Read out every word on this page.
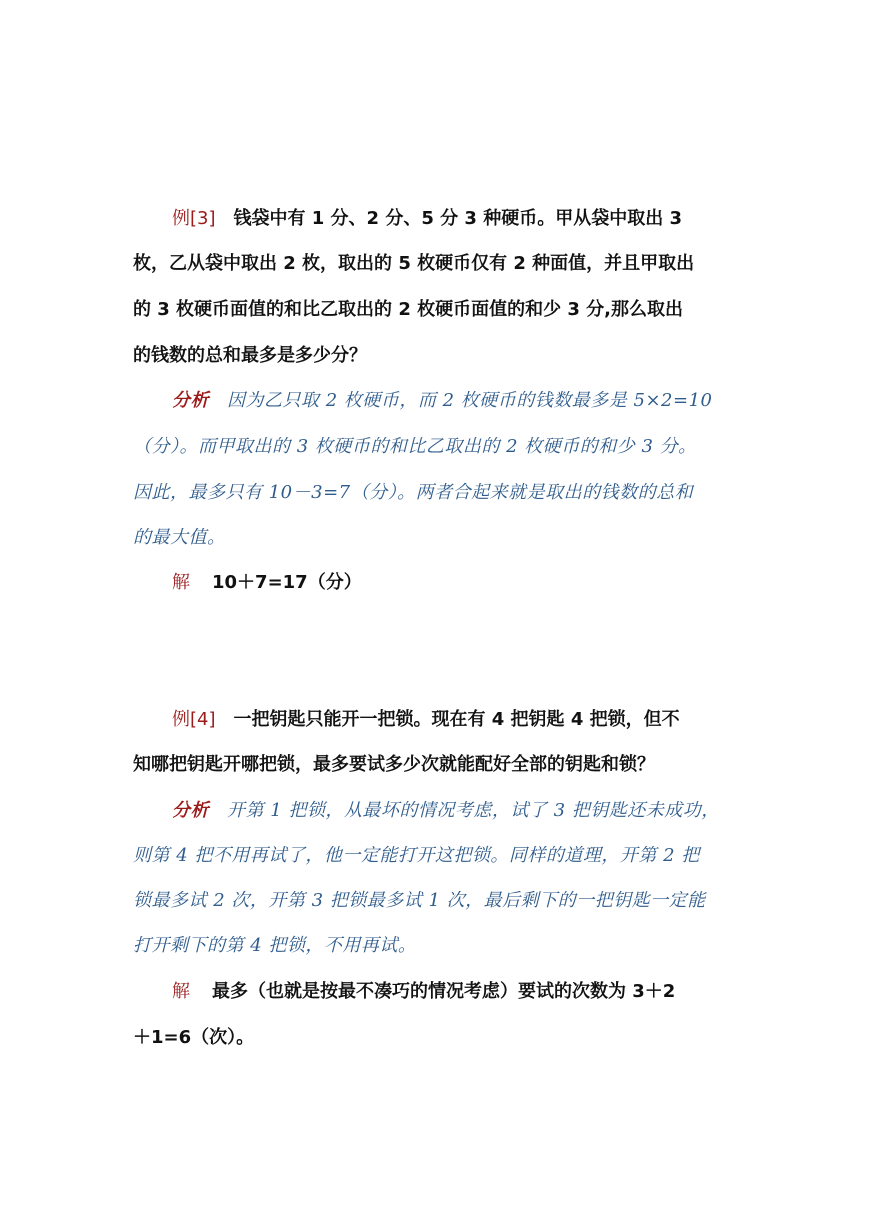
例[3] 钱袋中有 1 分、2 分、5 分 3 种硬币。甲从袋中取出 3
枚，乙从袋中取出 2 枚，取出的 5 枚硬币仅有 2 种面值，并且甲取出
的 3 枚硬币面值的和比乙取出的 2 枚硬币面值的和少 3 分,那么取出
的钱数的总和最多是多少分？
分析 因为乙只取 2 枚硬币，而 2 枚硬币的钱数最多是 5×2=10
（分）。而甲取出的 3 枚硬币的和比乙取出的 2 枚硬币的和少 3 分。
因此，最多只有 10－3=7（分）。两者合起来就是取出的钱数的总和
的最大值。
解 10＋7=17（分）
例[4] 一把钥匙只能开一把锁。现在有 4 把钥匙 4 把锁，但不
知哪把钥匙开哪把锁，最多要试多少次就能配好全部的钥匙和锁？
分析 开第 1 把锁，从最坏的情况考虑，试了 3 把钥匙还未成功，
则第 4 把不用再试了，他一定能打开这把锁。同样的道理，开第 2 把
锁最多试 2 次，开第 3 把锁最多试 1 次，最后剩下的一把钥匙一定能
打开剩下的第 4 把锁，不用再试。
解 最多（也就是按最不凑巧的情况考虑）要试的次数为 3＋2
＋1=6（次）。
